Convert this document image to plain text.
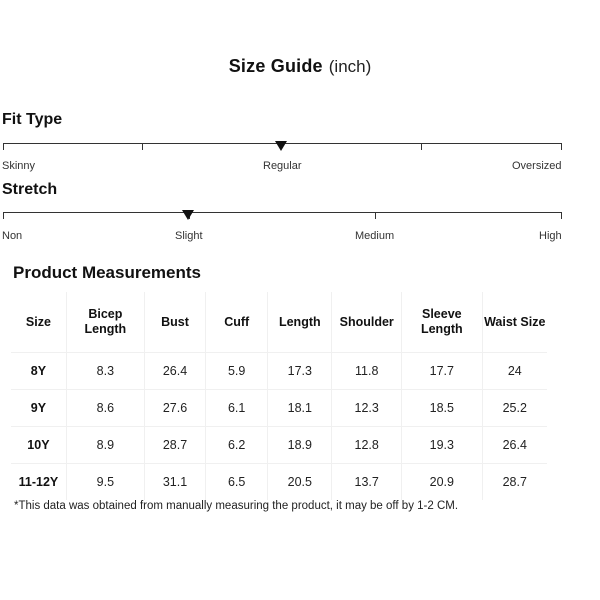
Size Guide (inch)
Fit Type
Skinny	Regular	Oversized
Stretch
Non	Slight	Medium	High
Product Measurements
Size	Bicep Length	Bust	Cuff	Length	Shoulder	Sleeve Length	Waist Size
8Y	8.3	26.4	5.9	17.3	11.8	17.7	24
9Y	8.6	27.6	6.1	18.1	12.3	18.5	25.2
10Y	8.9	28.7	6.2	18.9	12.8	19.3	26.4
11-12Y	9.5	31.1	6.5	20.5	13.7	20.9	28.7
*This data was obtained from manually measuring the product, it may be off by 1-2 CM.
